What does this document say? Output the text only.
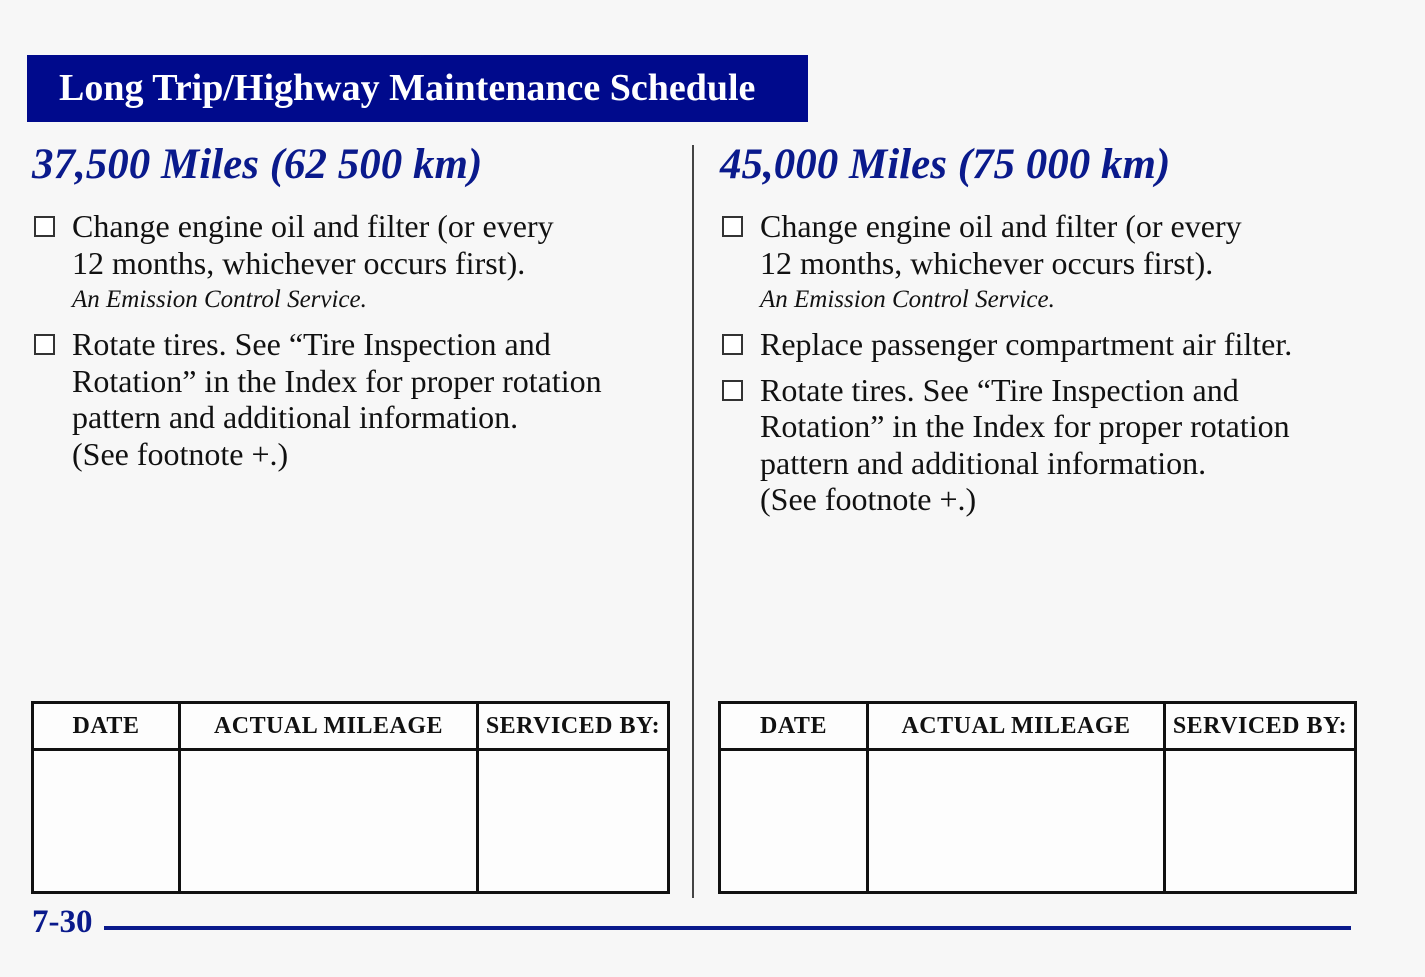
Long Trip/Highway Maintenance Schedule
37,500 Miles (62 500 km)
Change engine oil and filter (or every
12 months, whichever occurs first).
An Emission Control Service.
Rotate tires. See “Tire Inspection and
Rotation” in the Index for proper rotation
pattern and additional information.
(See footnote +.)
45,000 Miles (75 000 km)
Change engine oil and filter (or every
12 months, whichever occurs first).
An Emission Control Service.
Replace passenger compartment air filter.
Rotate tires. See “Tire Inspection and
Rotation” in the Index for proper rotation
pattern and additional information.
(See footnote +.)
DATE	ACTUAL MILEAGE	SERVICED BY:
			DATE	ACTUAL MILEAGE	SERVICED BY:

7-30
